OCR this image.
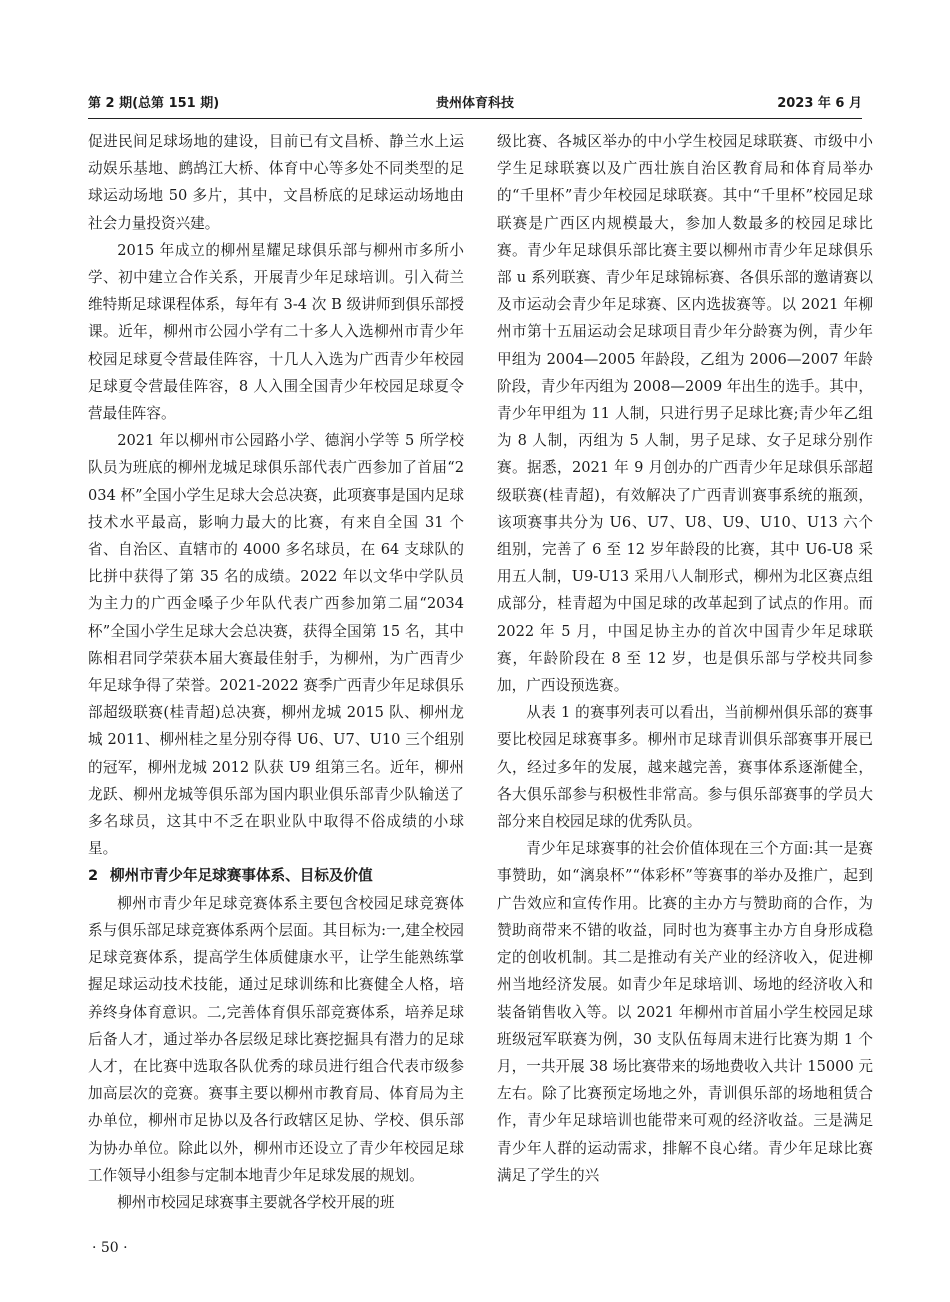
第 2 期(总第 151 期)	贵州体育科技	2023 年 6 月

促进民间足球场地的建设，目前已有文昌桥、静兰水上运动娱乐基地、鹧鸪江大桥、体育中心等多处不同类型的足球运动场地 50 多片，其中，文昌桥底的足球运动场地由社会力量投资兴建。

2015 年成立的柳州星耀足球俱乐部与柳州市多所小学、初中建立合作关系，开展青少年足球培训。引入荷兰维特斯足球课程体系，每年有 3-4 次 B 级讲师到俱乐部授课。近年，柳州市公园小学有二十多人入选柳州市青少年校园足球夏令营最佳阵容，十几人入选为广西青少年校园足球夏令营最佳阵容，8 人入围全国青少年校园足球夏令营最佳阵容。

2021 年以柳州市公园路小学、德润小学等 5 所学校队员为班底的柳州龙城足球俱乐部代表广西参加了首届“2034 杯”全国小学生足球大会总决赛，此项赛事是国内足球技术水平最高，影响力最大的比赛，有来自全国 31 个省、自治区、直辖市的 4000 多名球员，在 64 支球队的比拼中获得了第 35 名的成绩。2022 年以文华中学队员为主力的广西金嗓子少年队代表广西参加第二届“2034 杯”全国小学生足球大会总决赛，获得全国第 15 名，其中陈相君同学荣获本届大赛最佳射手，为柳州，为广西青少年足球争得了荣誉。2021-2022 赛季广西青少年足球俱乐部超级联赛(桂青超)总决赛，柳州龙城 2015 队、柳州龙城 2011、柳州桂之星分别夺得 U6、U7、U10 三个组别的冠军，柳州龙城 2012 队获 U9 组第三名。近年，柳州龙跃、柳州龙城等俱乐部为国内职业俱乐部青少队输送了多名球员，这其中不乏在职业队中取得不俗成绩的小球星。

2 柳州市青少年足球赛事体系、目标及价值

柳州市青少年足球竞赛体系主要包含校园足球竞赛体系与俱乐部足球竞赛体系两个层面。其目标为:一,建全校园足球竞赛体系，提高学生体质健康水平，让学生能熟练掌握足球运动技术技能，通过足球训练和比赛健全人格，培养终身体育意识。二,完善体育俱乐部竞赛体系，培养足球后备人才，通过举办各层级足球比赛挖掘具有潜力的足球人才，在比赛中选取各队优秀的球员进行组合代表市级参加高层次的竞赛。赛事主要以柳州市教育局、体育局为主办单位，柳州市足协以及各行政辖区足协、学校、俱乐部为协办单位。除此以外，柳州市还设立了青少年校园足球工作领导小组参与定制本地青少年足球发展的规划。

柳州市校园足球赛事主要就各学校开展的班

级比赛、各城区举办的中小学生校园足球联赛、市级中小学生足球联赛以及广西壮族自治区教育局和体育局举办的“千里杯”青少年校园足球联赛。其中“千里杯”校园足球联赛是广西区内规模最大，参加人数最多的校园足球比赛。青少年足球俱乐部比赛主要以柳州市青少年足球俱乐部 u 系列联赛、青少年足球锦标赛、各俱乐部的邀请赛以及市运动会青少年足球赛、区内选拔赛等。以 2021 年柳州市第十五届运动会足球项目青少年分龄赛为例，青少年甲组为 2004—2005 年龄段，乙组为 2006—2007 年龄阶段，青少年丙组为 2008—2009 年出生的选手。其中，青少年甲组为 11 人制，只进行男子足球比赛;青少年乙组为 8 人制，丙组为 5 人制，男子足球、女子足球分别作赛。据悉，2021 年 9 月创办的广西青少年足球俱乐部超级联赛(桂青超)，有效解决了广西青训赛事系统的瓶颈，该项赛事共分为 U6、U7、U8、U9、U10、U13 六个组别，完善了 6 至 12 岁年龄段的比赛，其中 U6-U8 采用五人制，U9-U13 采用八人制形式，柳州为北区赛点组成部分，桂青超为中国足球的改革起到了试点的作用。而 2022 年 5 月，中国足协主办的首次中国青少年足球联赛，年龄阶段在 8 至 12 岁，也是俱乐部与学校共同参加，广西设预选赛。

从表 1 的赛事列表可以看出，当前柳州俱乐部的赛事要比校园足球赛事多。柳州市足球青训俱乐部赛事开展已久，经过多年的发展，越来越完善，赛事体系逐渐健全，各大俱乐部参与积极性非常高。参与俱乐部赛事的学员大部分来自校园足球的优秀队员。

青少年足球赛事的社会价值体现在三个方面:其一是赛事赞助，如“漓泉杯”“体彩杯”等赛事的举办及推广，起到广告效应和宣传作用。比赛的主办方与赞助商的合作，为赞助商带来不错的收益，同时也为赛事主办方自身形成稳定的创收机制。其二是推动有关产业的经济收入，促进柳州当地经济发展。如青少年足球培训、场地的经济收入和装备销售收入等。以 2021 年柳州市首届小学生校园足球班级冠军联赛为例，30 支队伍每周末进行比赛为期 1 个月，一共开展 38 场比赛带来的场地费收入共计 15000 元左右。除了比赛预定场地之外，青训俱乐部的场地租赁合作，青少年足球培训也能带来可观的经济收益。三是满足青少年人群的运动需求，排解不良心绪。青少年足球比赛满足了学生的兴

· 50 ·
